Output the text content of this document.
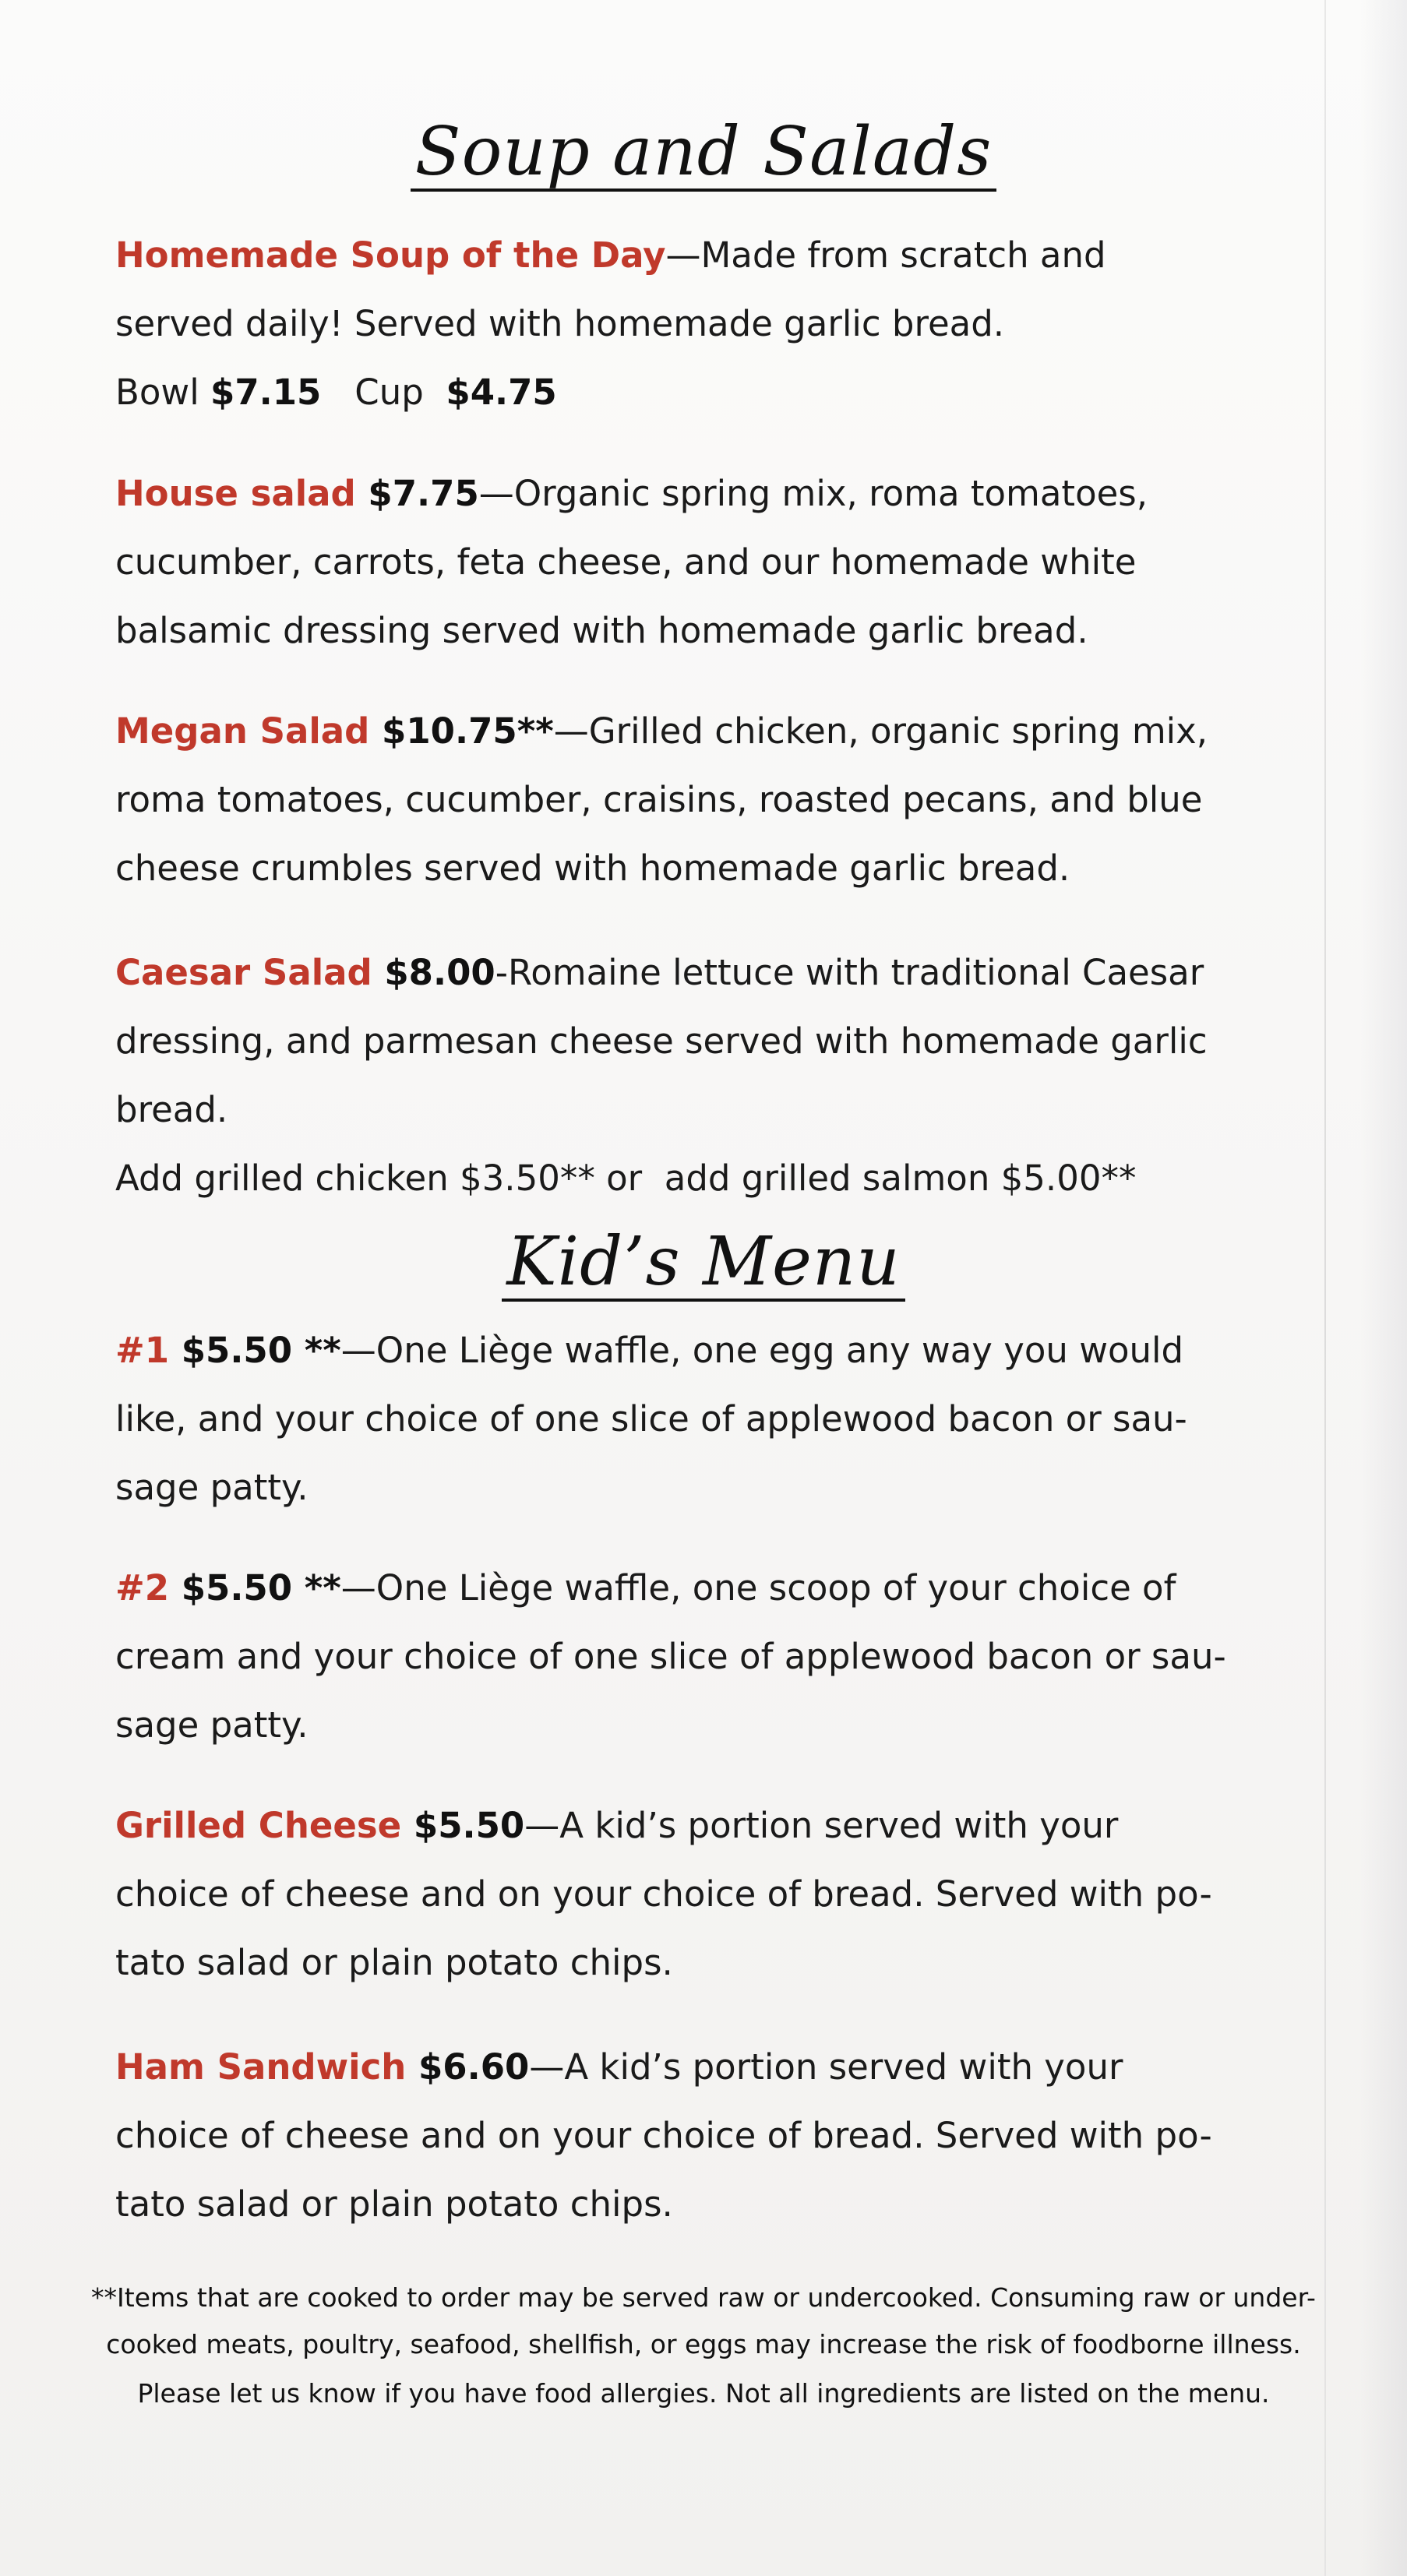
Soup and Salads
Homemade Soup of the Day—Made from scratch and
served daily! Served with homemade garlic bread.
Bowl $7.15   Cup  $4.75
House salad $7.75—Organic spring mix, roma tomatoes,
cucumber, carrots, feta cheese, and our homemade white
balsamic dressing served with homemade garlic bread.
Megan Salad $10.75**—Grilled chicken, organic spring mix,
roma tomatoes, cucumber, craisins, roasted pecans, and blue
cheese crumbles served with homemade garlic bread.
Caesar Salad $8.00-Romaine lettuce with traditional Caesar
dressing, and parmesan cheese served with homemade garlic
bread.
Add grilled chicken $3.50** or  add grilled salmon $5.00**
Kid’s Menu
#1 $5.50 **—One Liège waffle, one egg any way you would
like, and your choice of one slice of applewood bacon or sau-
sage patty.
#2 $5.50 **—One Liège waffle, one scoop of your choice of
cream and your choice of one slice of applewood bacon or sau-
sage patty.
Grilled Cheese $5.50—A kid’s portion served with your
choice of cheese and on your choice of bread. Served with po-
tato salad or plain potato chips.
Ham Sandwich $6.60—A kid’s portion served with your
choice of cheese and on your choice of bread. Served with po-
tato salad or plain potato chips.
**Items that are cooked to order may be served raw or undercooked. Consuming raw or under-
cooked meats, poultry, seafood, shellfish, or eggs may increase the risk of foodborne illness.
Please let us know if you have food allergies. Not all ingredients are listed on the menu.
